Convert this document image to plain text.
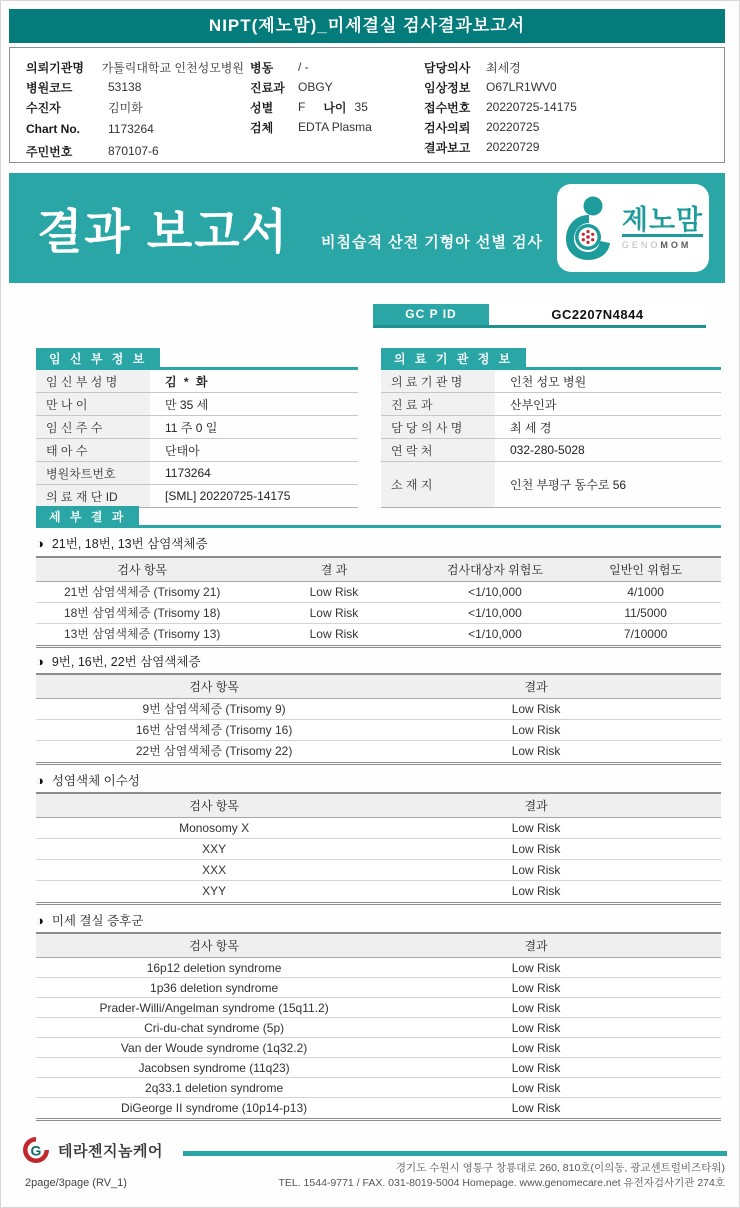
NIPT(제노맘)_미세결실 검사결과보고서
의뢰기관명	가톨릭대학교 인천성모병원
병원코드	53138
수진자	김미화
Chart No.	1173264
주민번호	870107-6
병동	/ -
진료과	OBGY
성별	F 나이 35
검체	EDTA Plasma
담당의사	최세경
임상정보	O67LR1WV0
접수번호	20220725-14175
검사의뢰	20220725
결과보고	20220729
결과 보고서 비침습적 산전 기형아 선별 검사
제노맘
GENOMOM
GC P ID	GC2207N4844
임 신 부 정 보
임 신 부 성 명	김 * 화
만 나 이	만 35 세
임 신 주 수	11 주 0 일
태 아 수	단태아
병원차트번호	1173264
의 료 재 단 ID	[SML] 20220725-14175
의 료 기 관 정 보
의 료 기 관 명	인천 성모 병원
진 료 과	산부인과
담 당 의 사 명	최 세 경
연 락 처	032-280-5028
소 재 지	인천 부평구 동수로 56
세 부 결 과
◑ 21번, 18번, 13번 삼염색체증
검사 항목	결 과	검사대상자 위험도	일반인 위험도
21번 삼염색체증 (Trisomy 21)	Low Risk	<1/10,000	4/1000
18번 삼염색체증 (Trisomy 18)	Low Risk	<1/10,000	11/5000
13번 삼염색체증 (Trisomy 13)	Low Risk	<1/10,000	7/10000
◑ 9번, 16번, 22번 삼염색체증
검사 항목	결과
9번 삼염색체증 (Trisomy 9)	Low Risk
16번 삼염색체증 (Trisomy 16)	Low Risk
22번 삼염색체증 (Trisomy 22)	Low Risk
◑ 성염색체 이수성
검사 항목	결과
Monosomy X	Low Risk
XXY	Low Risk
XXX	Low Risk
XYY	Low Risk
◑ 미세 결실 증후군
검사 항목	결과
16p12 deletion syndrome	Low Risk
1p36 deletion syndrome	Low Risk
Prader-Willi/Angelman syndrome (15q11.2)	Low Risk
Cri-du-chat syndrome (5p)	Low Risk
Van der Woude syndrome (1q32.2)	Low Risk
Jacobsen syndrome (11q23)	Low Risk
2q33.1 deletion syndrome	Low Risk
DiGeorge II syndrome (10p14-p13)	Low Risk
G 테라젠지놈케어
경기도 수원시 영통구 창룡대로 260, 810호(이의동, 광교센트럴비즈타워)
TEL. 1544-9771 / FAX. 031-8019-5004 Homepage. www.genomecare.net 유전자검사기관 274호
2page/3page (RV_1)
